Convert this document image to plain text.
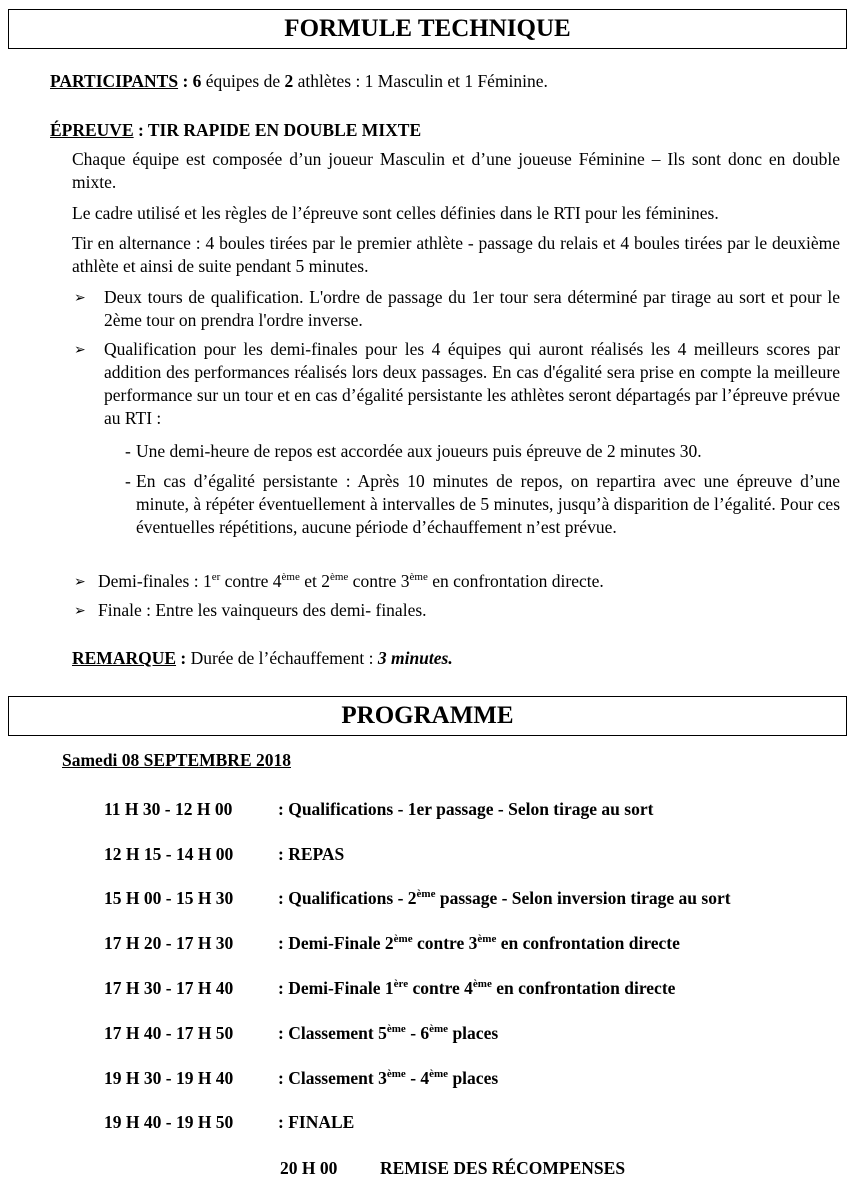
FORMULE TECHNIQUE
PARTICIPANTS : 6 équipes de 2 athlètes : 1 Masculin et 1 Féminine.
ÉPREUVE : TIR RAPIDE EN DOUBLE MIXTE
Chaque équipe est composée d’un joueur Masculin et d’une joueuse Féminine – Ils sont donc en double mixte.
Le cadre utilisé et les règles de l’épreuve sont celles définies dans le RTI pour les féminines.
Tir en alternance : 4 boules tirées par le premier athlète - passage du relais et 4 boules tirées par le deuxième athlète et ainsi de suite pendant 5 minutes.
➢ Deux tours de qualification. L'ordre de passage du 1er tour sera déterminé par tirage au sort et pour le 2ème tour on prendra l'ordre inverse.
➢ Qualification pour les demi-finales pour les 4 équipes qui auront réalisés les 4 meilleurs scores par addition des performances réalisés lors deux passages. En cas d'égalité sera prise en compte la meilleure performance sur un tour et en cas d’égalité persistante les athlètes seront départagés par l’épreuve prévue au RTI :
- Une demi-heure de repos est accordée aux joueurs puis épreuve de 2 minutes 30.
- En cas d’égalité persistante : Après 10 minutes de repos, on repartira avec une épreuve d’une minute, à répéter éventuellement à intervalles de 5 minutes, jusqu’à disparition de l’égalité. Pour ces éventuelles répétitions, aucune période d’échauffement n’est prévue.
➢ Demi-finales : 1er contre 4ème et 2ème contre 3ème en confrontation directe.
➢ Finale : Entre les vainqueurs des demi- finales.
REMARQUE : Durée de l’échauffement : 3 minutes.
PROGRAMME
Samedi 08 SEPTEMBRE 2018
11 H 30 - 12 H 00	: Qualifications - 1er passage - Selon tirage au sort
12 H 15 - 14 H 00	: REPAS
15 H 00 - 15 H 30	: Qualifications - 2ème passage - Selon inversion tirage au sort
17 H 20 - 17 H 30	: Demi-Finale 2ème contre 3ème en confrontation directe
17 H 30 - 17 H 40	: Demi-Finale 1ère contre 4ème en confrontation directe
17 H 40 - 17 H 50	: Classement 5ème - 6ème places
19 H 30 - 19 H 40	: Classement 3ème - 4ème places
19 H 40 - 19 H 50	: FINALE
20 H 00 REMISE DES RÉCOMPENSES
